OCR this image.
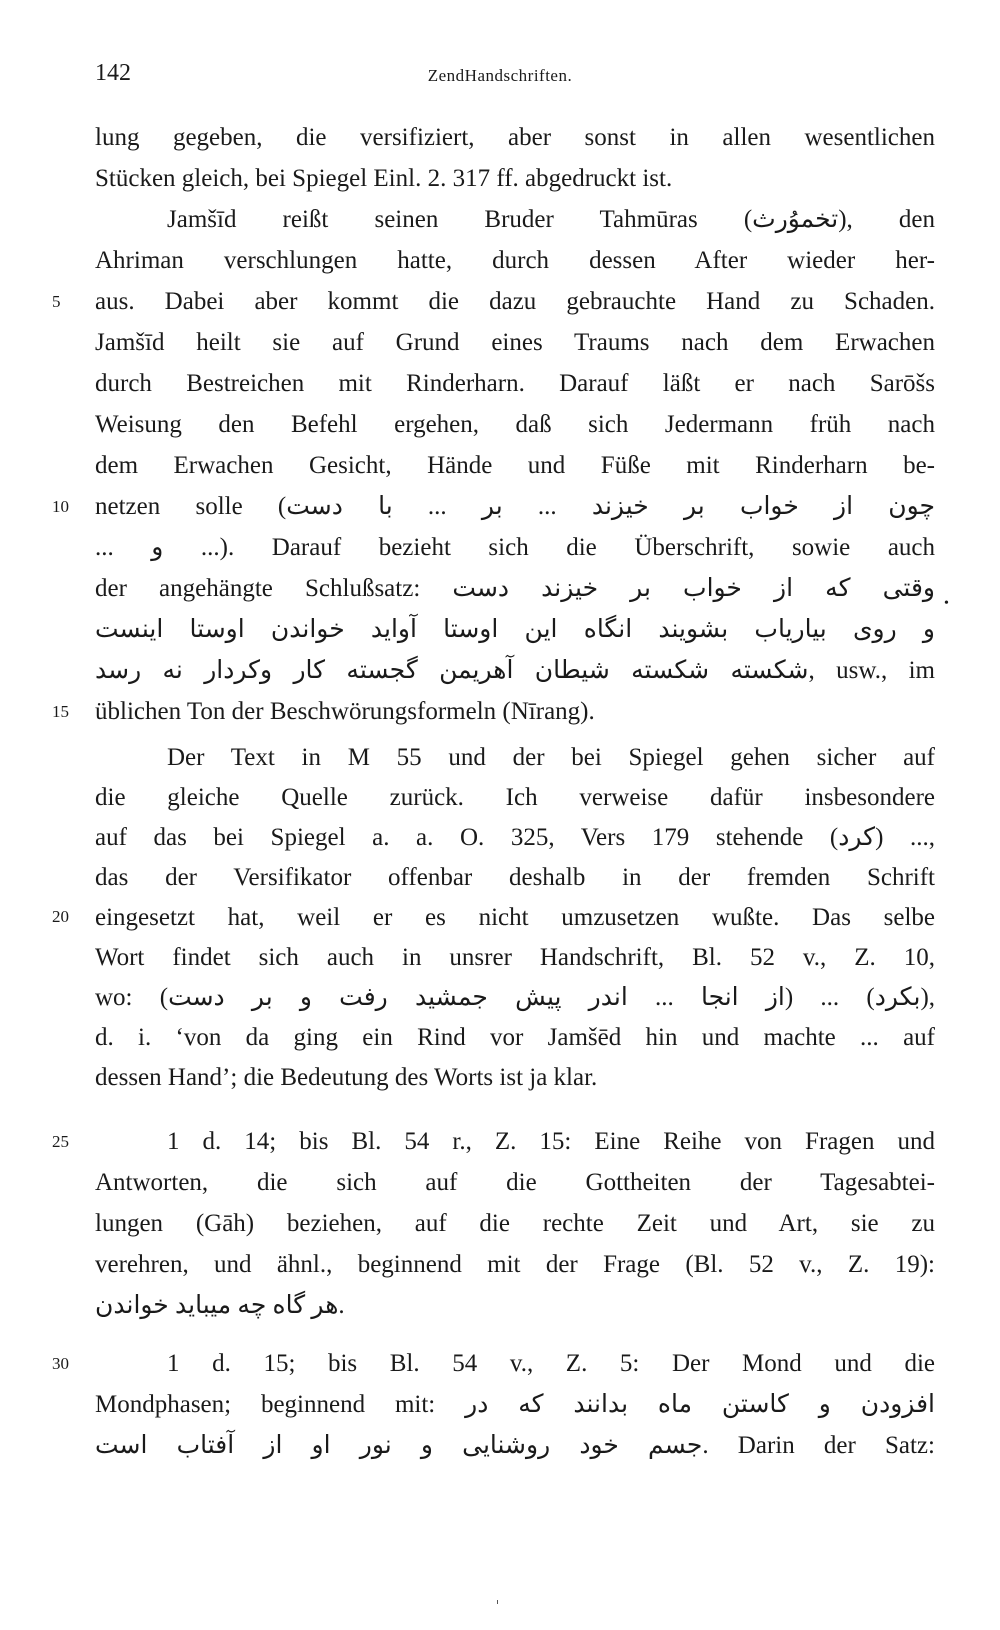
142	ZendHandschriften.
5
10
15
20
25
30
lung gegeben, die versifiziert, aber sonst in allen wesentlichen
Stücken gleich, bei Spiegel Einl. 2. 317 ff. abgedruckt ist.
Jamšīd reißt seinen Bruder Tahmūras (تخموُرث), den
Ahriman verschlungen hatte, durch dessen After wieder her-
aus. Dabei aber kommt die dazu gebrauchte Hand zu Schaden.
Jamšīd heilt sie auf Grund eines Traums nach dem Erwachen
durch Bestreichen mit Rinderharn. Darauf läßt er nach Sarōšs
Weisung den Befehl ergehen, daß sich Jedermann früh nach
dem Erwachen Gesicht, Hände und Füße mit Rinderharn be-
netzen solle (چون از خواب بر خیزند ... بر ... با دست
... و ...). Darauf bezieht sich die Überschrift, sowie auch
der angehängte Schlußsatz: وقتی که از خواب بر خیزند دست
و روی بیاریاب بشویند انگاه این اوستا آواید خواندن اوستا اینست
شکسته شکسته شیطان آهریمن گجسته کار وکردار نه رسد, usw., im
üblichen Ton der Beschwörungsformeln (Nīrang).
Der Text in M 55 und der bei Spiegel gehen sicher auf
die gleiche Quelle zurück. Ich verweise dafür insbesondere
auf das bei Spiegel a. a. O. 325, Vers 179 stehende (کرد) ...,
das der Versifikator offenbar deshalb in der fremden Schrift
eingesetzt hat, weil er es nicht umzusetzen wußte. Das selbe
Wort findet sich auch in unsrer Handschrift, Bl. 52 v., Z. 10,
wo: (از انجا ... اندر پیش جمشید رفت و بر دست) ... (بکرد),
d. i. ‘von da ging ein Rind vor Jamšēd hin und machte ... auf
dessen Hand’; die Bedeutung des Worts ist ja klar.
1 d. 14; bis Bl. 54 r., Z. 15: Eine Reihe von Fragen und
Antworten, die sich auf die Gottheiten der Tagesabtei-
lungen (Gāh) beziehen, auf die rechte Zeit und Art, sie zu
verehren, und ähnl., beginnend mit der Frage (Bl. 52 v., Z. 19):
هر گاه چه میباید خواندن.
1 d. 15; bis Bl. 54 v., Z. 5: Der Mond und die
Mondphasen; beginnend mit: افزودن و کاستن ماه بدانند که در
جسم خود روشنایی و نور او از آفتاب است. Darin der Satz:
•
